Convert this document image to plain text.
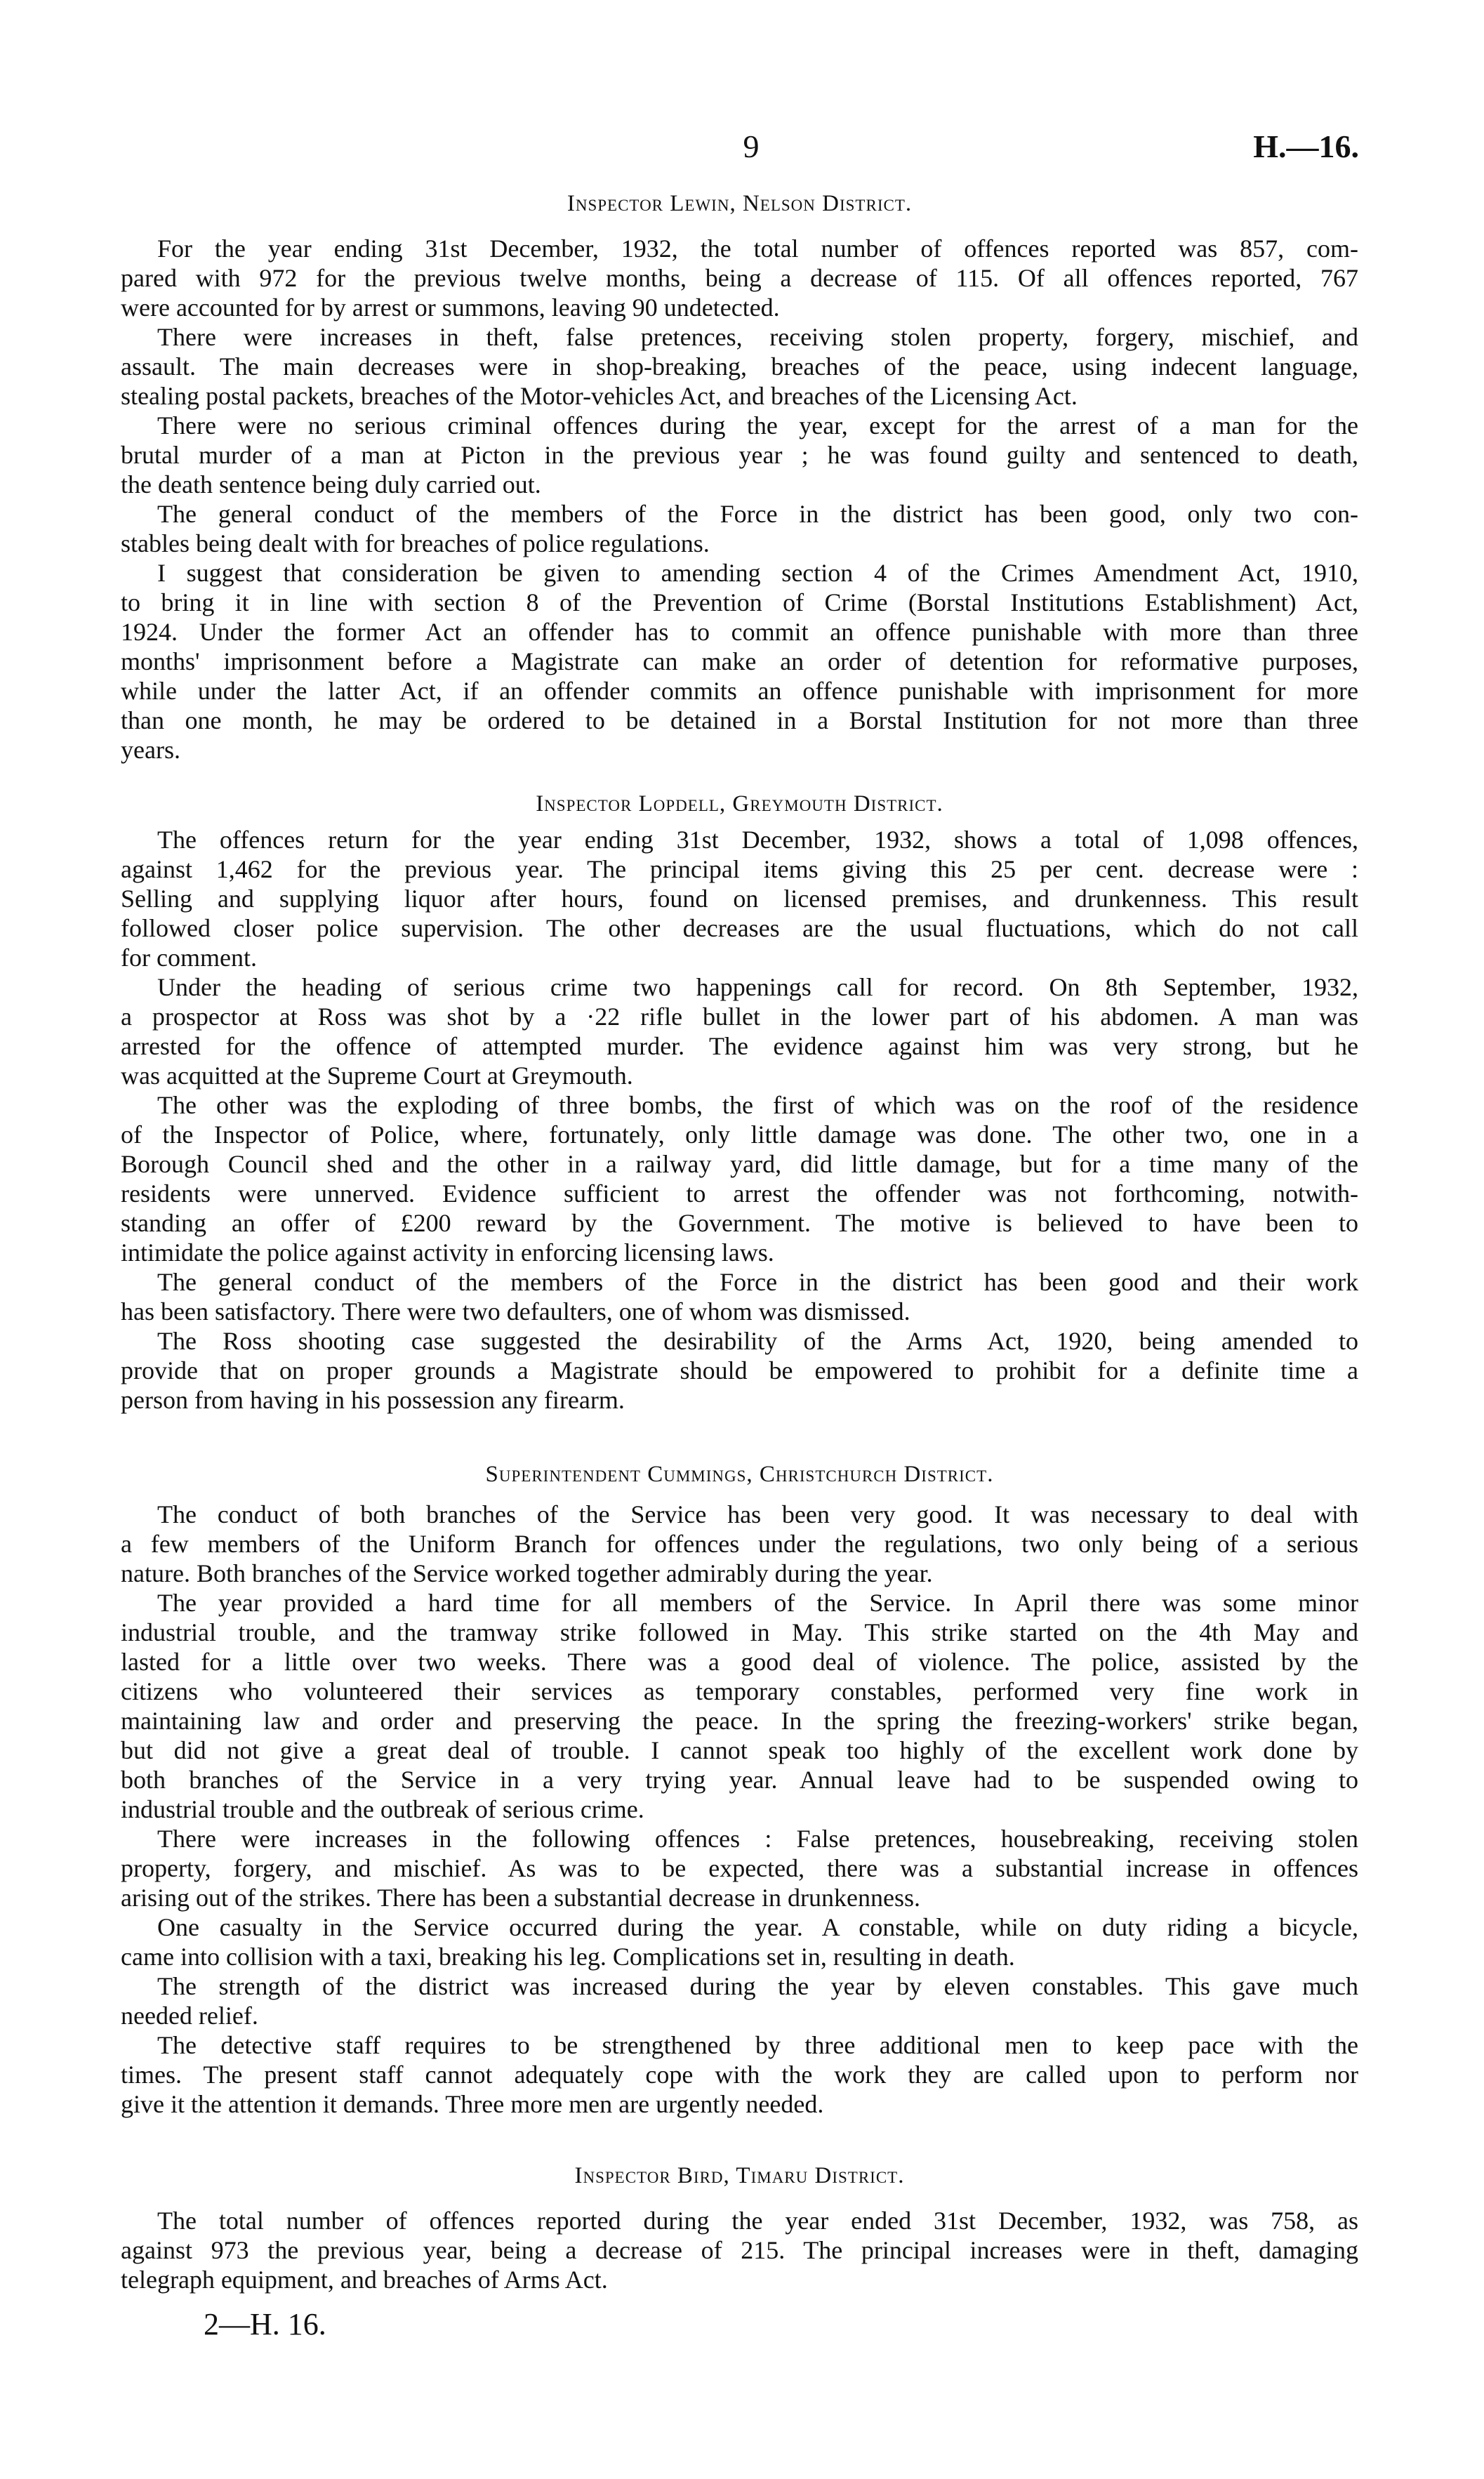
9	H.—16.
Inspector Lewin, Nelson District.
For the year ending 31st December, 1932, the total number of offences reported was 857, com-
pared with 972 for the previous twelve months, being a decrease of 115. Of all offences reported, 767
were accounted for by arrest or summons, leaving 90 undetected.
There were increases in theft, false pretences, receiving stolen property, forgery, mischief, and
assault. The main decreases were in shop-breaking, breaches of the peace, using indecent language,
stealing postal packets, breaches of the Motor-vehicles Act, and breaches of the Licensing Act.
There were no serious criminal offences during the year, except for the arrest of a man for the
brutal murder of a man at Picton in the previous year ; he was found guilty and sentenced to death,
the death sentence being duly carried out.
The general conduct of the members of the Force in the district has been good, only two con-
stables being dealt with for breaches of police regulations.
I suggest that consideration be given to amending section 4 of the Crimes Amendment Act, 1910,
to bring it in line with section 8 of the Prevention of Crime (Borstal Institutions Establishment) Act,
1924. Under the former Act an offender has to commit an offence punishable with more than three
months' imprisonment before a Magistrate can make an order of detention for reformative purposes,
while under the latter Act, if an offender commits an offence punishable with imprisonment for more
than one month, he may be ordered to be detained in a Borstal Institution for not more than three
years.
Inspector Lopdell, Greymouth District.
The offences return for the year ending 31st December, 1932, shows a total of 1,098 offences,
against 1,462 for the previous year. The principal items giving this 25 per cent. decrease were :
Selling and supplying liquor after hours, found on licensed premises, and drunkenness. This result
followed closer police supervision. The other decreases are the usual fluctuations, which do not call
for comment.
Under the heading of serious crime two happenings call for record. On 8th September, 1932,
a prospector at Ross was shot by a ·22 rifle bullet in the lower part of his abdomen. A man was
arrested for the offence of attempted murder. The evidence against him was very strong, but he
was acquitted at the Supreme Court at Greymouth.
The other was the exploding of three bombs, the first of which was on the roof of the residence
of the Inspector of Police, where, fortunately, only little damage was done. The other two, one in a
Borough Council shed and the other in a railway yard, did little damage, but for a time many of the
residents were unnerved. Evidence sufficient to arrest the offender was not forthcoming, notwith-
standing an offer of £200 reward by the Government. The motive is believed to have been to
intimidate the police against activity in enforcing licensing laws.
The general conduct of the members of the Force in the district has been good and their work
has been satisfactory. There were two defaulters, one of whom was dismissed.
The Ross shooting case suggested the desirability of the Arms Act, 1920, being amended to
provide that on proper grounds a Magistrate should be empowered to prohibit for a definite time a
person from having in his possession any firearm.
Superintendent Cummings, Christchurch District.
The conduct of both branches of the Service has been very good. It was necessary to deal with
a few members of the Uniform Branch for offences under the regulations, two only being of a serious
nature. Both branches of the Service worked together admirably during the year.
The year provided a hard time for all members of the Service. In April there was some minor
industrial trouble, and the tramway strike followed in May. This strike started on the 4th May and
lasted for a little over two weeks. There was a good deal of violence. The police, assisted by the
citizens who volunteered their services as temporary constables, performed very fine work in
maintaining law and order and preserving the peace. In the spring the freezing-workers' strike began,
but did not give a great deal of trouble. I cannot speak too highly of the excellent work done by
both branches of the Service in a very trying year. Annual leave had to be suspended owing to
industrial trouble and the outbreak of serious crime.
There were increases in the following offences : False pretences, housebreaking, receiving stolen
property, forgery, and mischief. As was to be expected, there was a substantial increase in offences
arising out of the strikes. There has been a substantial decrease in drunkenness.
One casualty in the Service occurred during the year. A constable, while on duty riding a bicycle,
came into collision with a taxi, breaking his leg. Complications set in, resulting in death.
The strength of the district was increased during the year by eleven constables. This gave much
needed relief.
The detective staff requires to be strengthened by three additional men to keep pace with the
times. The present staff cannot adequately cope with the work they are called upon to perform nor
give it the attention it demands. Three more men are urgently needed.
Inspector Bird, Timaru District.
The total number of offences reported during the year ended 31st December, 1932, was 758, as
against 973 the previous year, being a decrease of 215. The principal increases were in theft, damaging
telegraph equipment, and breaches of Arms Act.
2—H. 16.
